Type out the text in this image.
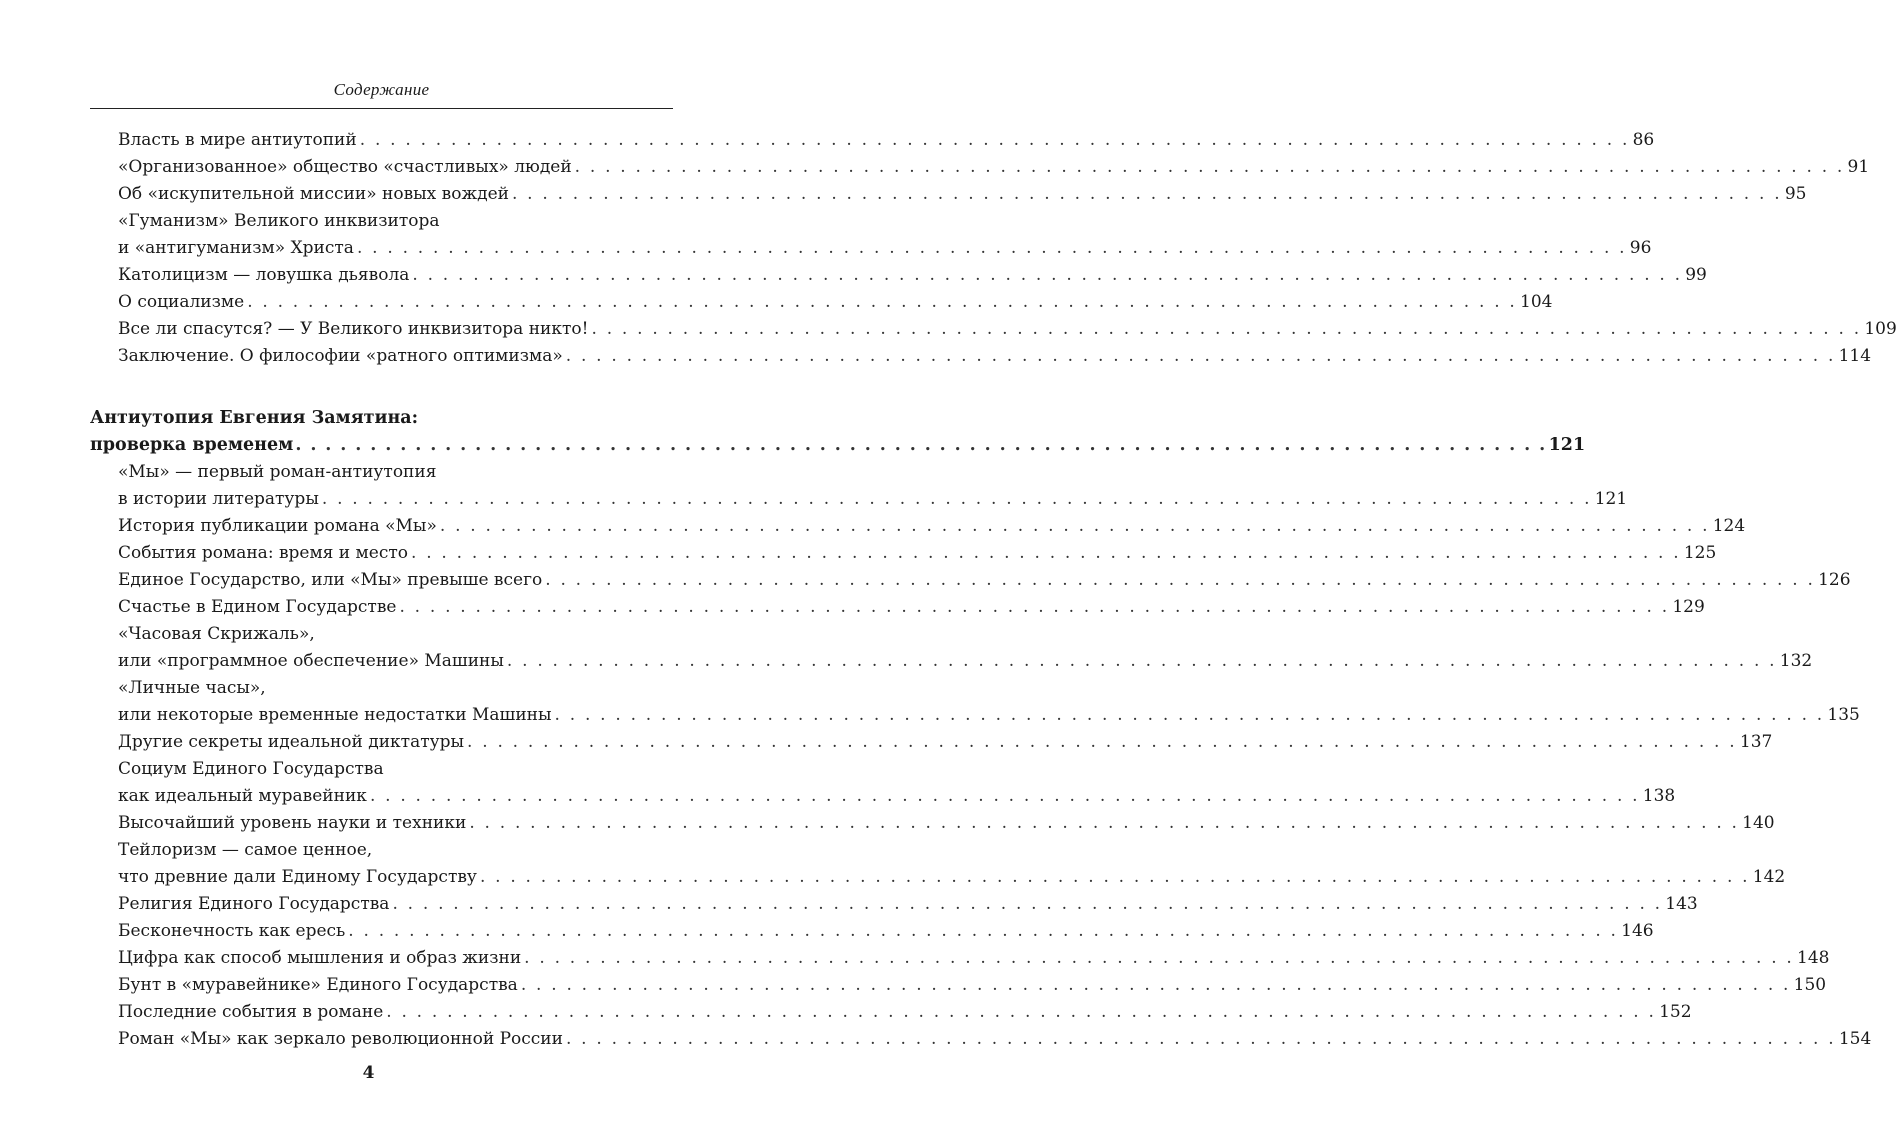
Содержание
Власть в мире антиутопий . . .	86
«Организованное» общество «счастливых» людей . . .	91
Об «искупительной миссии» новых вождей . . .	95
«Гуманизм» Великого инквизитора
и «антигуманизм» Христа . . .	96
Католицизм — ловушка дьявола . . .	99
О социализме . . .	104
Все ли спасутся? — У Великого инквизитора никто! . . .	109
Заключение. О философии «ратного оптимизма» . . .	114
Антиутопия Евгения Замятина:
проверка временем . . .	121
«Мы» — первый роман-антиутопия
в истории литературы . . .	121
История публикации романа «Мы» . . .	124
События романа: время и место . . .	125
Единое Государство, или «Мы» превыше всего . . .	126
Счастье в Едином Государстве . . .	129
«Часовая Скрижаль»,
или «программное обеспечение» Машины . . .	132
«Личные часы»,
или некоторые временные недостатки Машины . . .	135
Другие секреты идеальной диктатуры . . .	137
Социум Единого Государства
как идеальный муравейник . . .	138
Высочайший уровень науки и техники . . .	140
Тейлоризм — самое ценное,
что древние дали Единому Государству . . .	142
Религия Единого Государства . . .	143
Бесконечность как ересь . . .	146
Цифра как способ мышления и образ жизни . . .	148
Бунт в «муравейнике» Единого Государства . . .	150
Последние события в романе . . .	152
Роман «Мы» как зеркало революционной России . . .	154
4
